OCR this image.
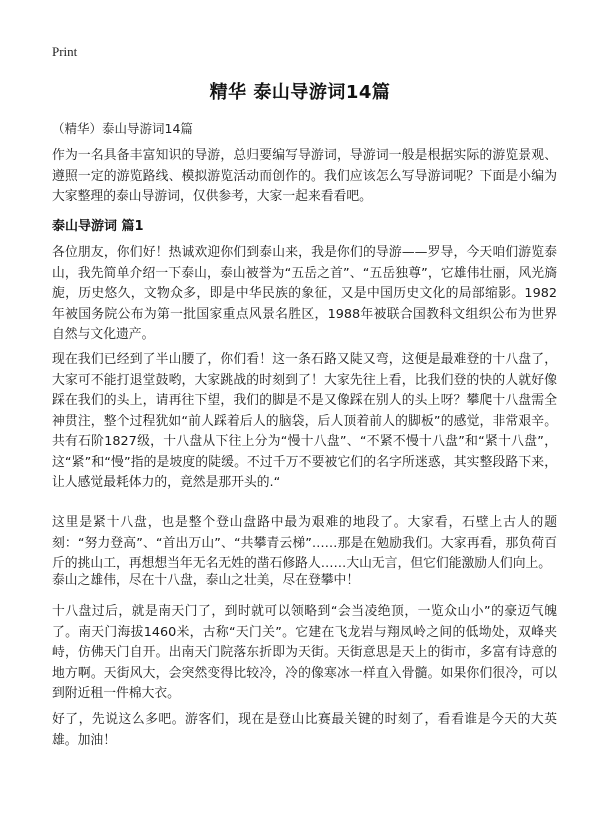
Print
精华 泰山导游词14篇
（精华）泰山导游词14篇

作为一名具备丰富知识的导游，总归要编写导游词，导游词一般是根据实际的游览景观、遵照一定的游览路线、模拟游览活动而创作的。我们应该怎么写导游词呢？下面是小编为大家整理的泰山导游词，仅供参考，大家一起来看看吧。

泰山导游词 篇1

各位朋友，你们好！热诚欢迎你们到泰山来，我是你们的导游——罗导，今天咱们游览泰山，我先简单介绍一下泰山，泰山被誉为“五岳之首”、“五岳独尊”，它雄伟壮丽，风光旖旎，历史悠久，文物众多，即是中华民族的象征，又是中国历史文化的局部缩影。1982年被国务院公布为第一批国家重点风景名胜区，1988年被联合国教科文组织公布为世界自然与文化遗产。

现在我们已经到了半山腰了，你们看！这一条石路又陡又弯，这便是最难登的十八盘了，大家可不能打退堂鼓哟，大家跳战的时刻到了！大家先往上看，比我们登的快的人就好像踩在我们的头上，请再往下望，我们的脚是不是又像踩在别人的头上呀？攀爬十八盘需全神贯注，整个过程犹如“前人踩着后人的脑袋，后人顶着前人的脚板”的感觉，非常艰辛。共有石阶1827级，十八盘从下往上分为“慢十八盘”、“不紧不慢十八盘”和“紧十八盘”，这“紧”和“慢”指的是坡度的陡缓。不过千万不要被它们的名字所迷惑，其实整段路下来，让人感觉最耗体力的，竟然是那开头的.“

这里是紧十八盘，也是整个登山盘路中最为艰难的地段了。大家看，石壁上古人的题刻：“努力登高”、“首出万山”、“共攀青云梯”……那是在勉励我们。大家再看，那负荷百斤的挑山工，再想想当年无名无姓的凿石修路人……大山无言，但它们能激励人们向上。

泰山之雄伟，尽在十八盘，泰山之壮美，尽在登攀中！

十八盘过后，就是南天门了，到时就可以领略到“会当凌绝顶，一览众山小”的豪迈气魄了。南天门海拔1460米，古称“天门关”。它建在飞龙岩与翔凤岭之间的低坳处，双峰夹峙，仿佛天门自开。出南天门院落东折即为天街。天街意思是天上的街市，多富有诗意的地方啊。天街风大，会突然变得比较冷，冷的像寒冰一样直入骨髓。如果你们很冷，可以到附近租一件棉大衣。

好了，先说这么多吧。游客们，现在是登山比赛最关键的时刻了，看看谁是今天的大英雄。加油！
